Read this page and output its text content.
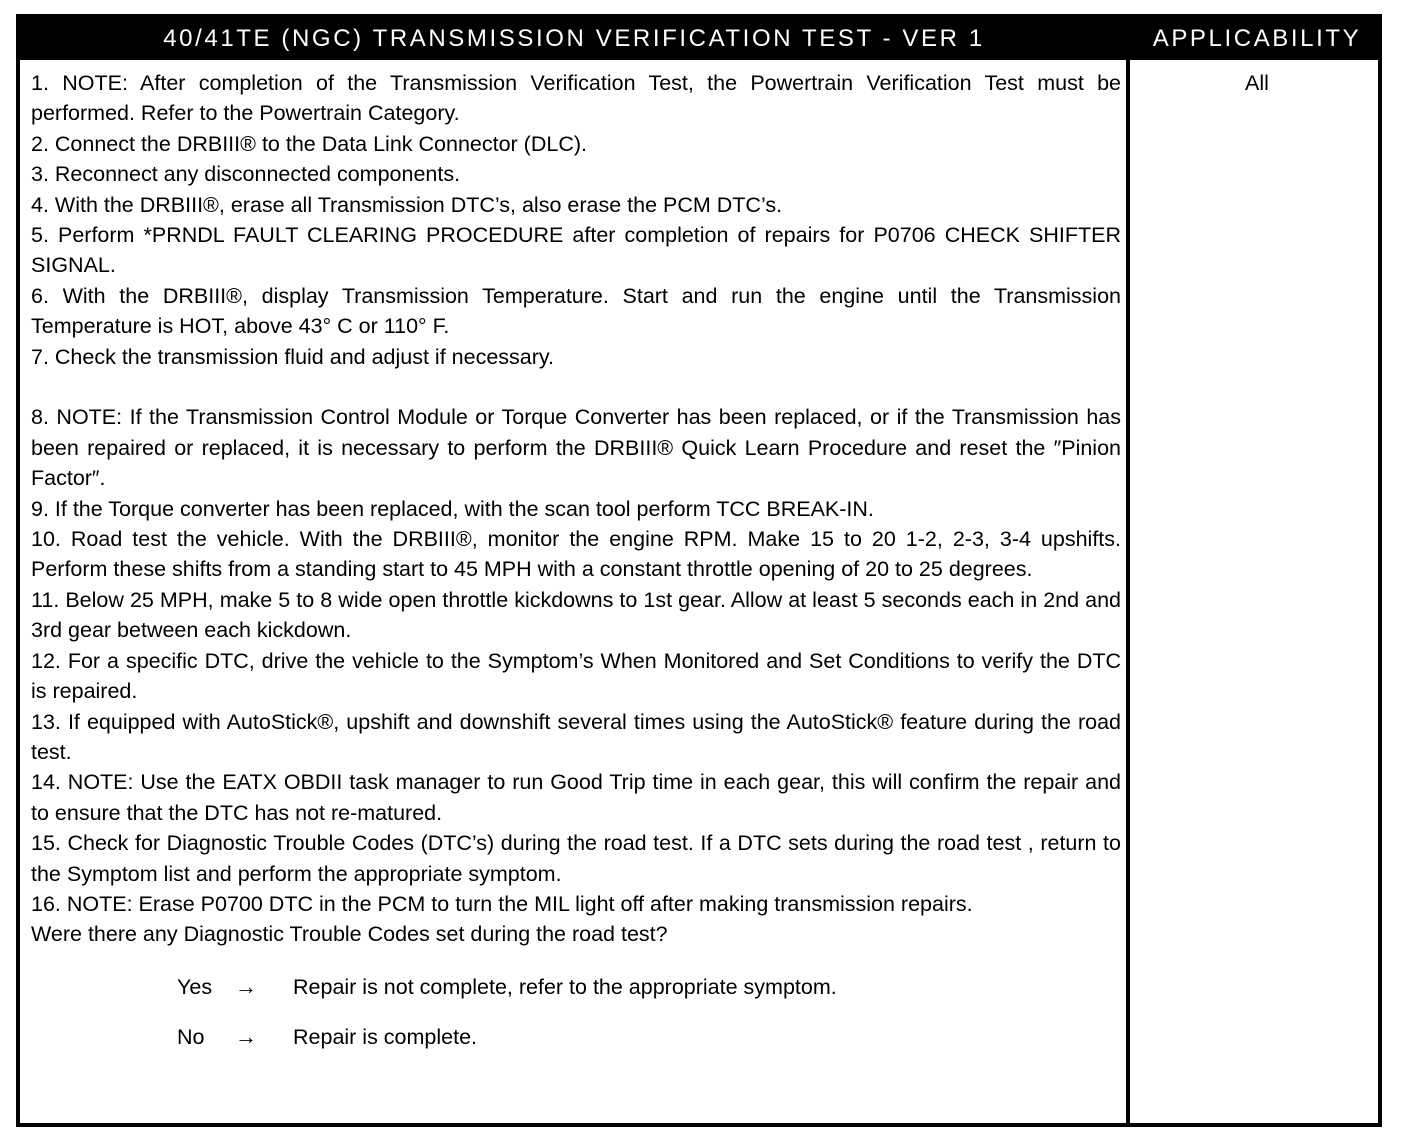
40/41TE (NGC) TRANSMISSION VERIFICATION TEST - VER 1	APPLICABILITY

1. NOTE: After completion of the Transmission Verification Test, the Powertrain Verification Test must be performed. Refer to the Powertrain Category.

2. Connect the DRBIII® to the Data Link Connector (DLC).

3. Reconnect any disconnected components.

4. With the DRBIII®, erase all Transmission DTC’s, also erase the PCM DTC’s.

5. Perform *PRNDL FAULT CLEARING PROCEDURE after completion of repairs for P0706 CHECK SHIFTER SIGNAL.

6. With the DRBIII®, display Transmission Temperature. Start and run the engine until the Transmission Temperature is HOT, above 43° C or 110° F.

7. Check the transmission fluid and adjust if necessary.

8. NOTE: If the Transmission Control Module or Torque Converter has been replaced, or if the Transmission has been repaired or replaced, it is necessary to perform the DRBIII® Quick Learn Procedure and reset the ″Pinion Factor″.

9. If the Torque converter has been replaced, with the scan tool perform TCC BREAK-IN.

10. Road test the vehicle. With the DRBIII®, monitor the engine RPM. Make 15 to 20 1-2, 2-3, 3-4 upshifts. Perform these shifts from a standing start to 45 MPH with a constant throttle opening of 20 to 25 degrees.

11. Below 25 MPH, make 5 to 8 wide open throttle kickdowns to 1st gear. Allow at least 5 seconds each in 2nd and 3rd gear between each kickdown.

12. For a specific DTC, drive the vehicle to the Symptom’s When Monitored and Set Conditions to verify the DTC is repaired.

13. If equipped with AutoStick®, upshift and downshift several times using the AutoStick® feature during the road test.

14. NOTE: Use the EATX OBDII task manager to run Good Trip time in each gear, this will confirm the repair and to ensure that the DTC has not re-matured.

15. Check for Diagnostic Trouble Codes (DTC’s) during the road test. If a DTC sets during the road test , return to the Symptom list and perform the appropriate symptom.

16. NOTE: Erase P0700 DTC in the PCM to turn the MIL light off after making transmission repairs.

Were there any Diagnostic Trouble Codes set during the road test?

Yes	→	Repair is not complete, refer to the appropriate symptom.
No	→	Repair is complete.
All
